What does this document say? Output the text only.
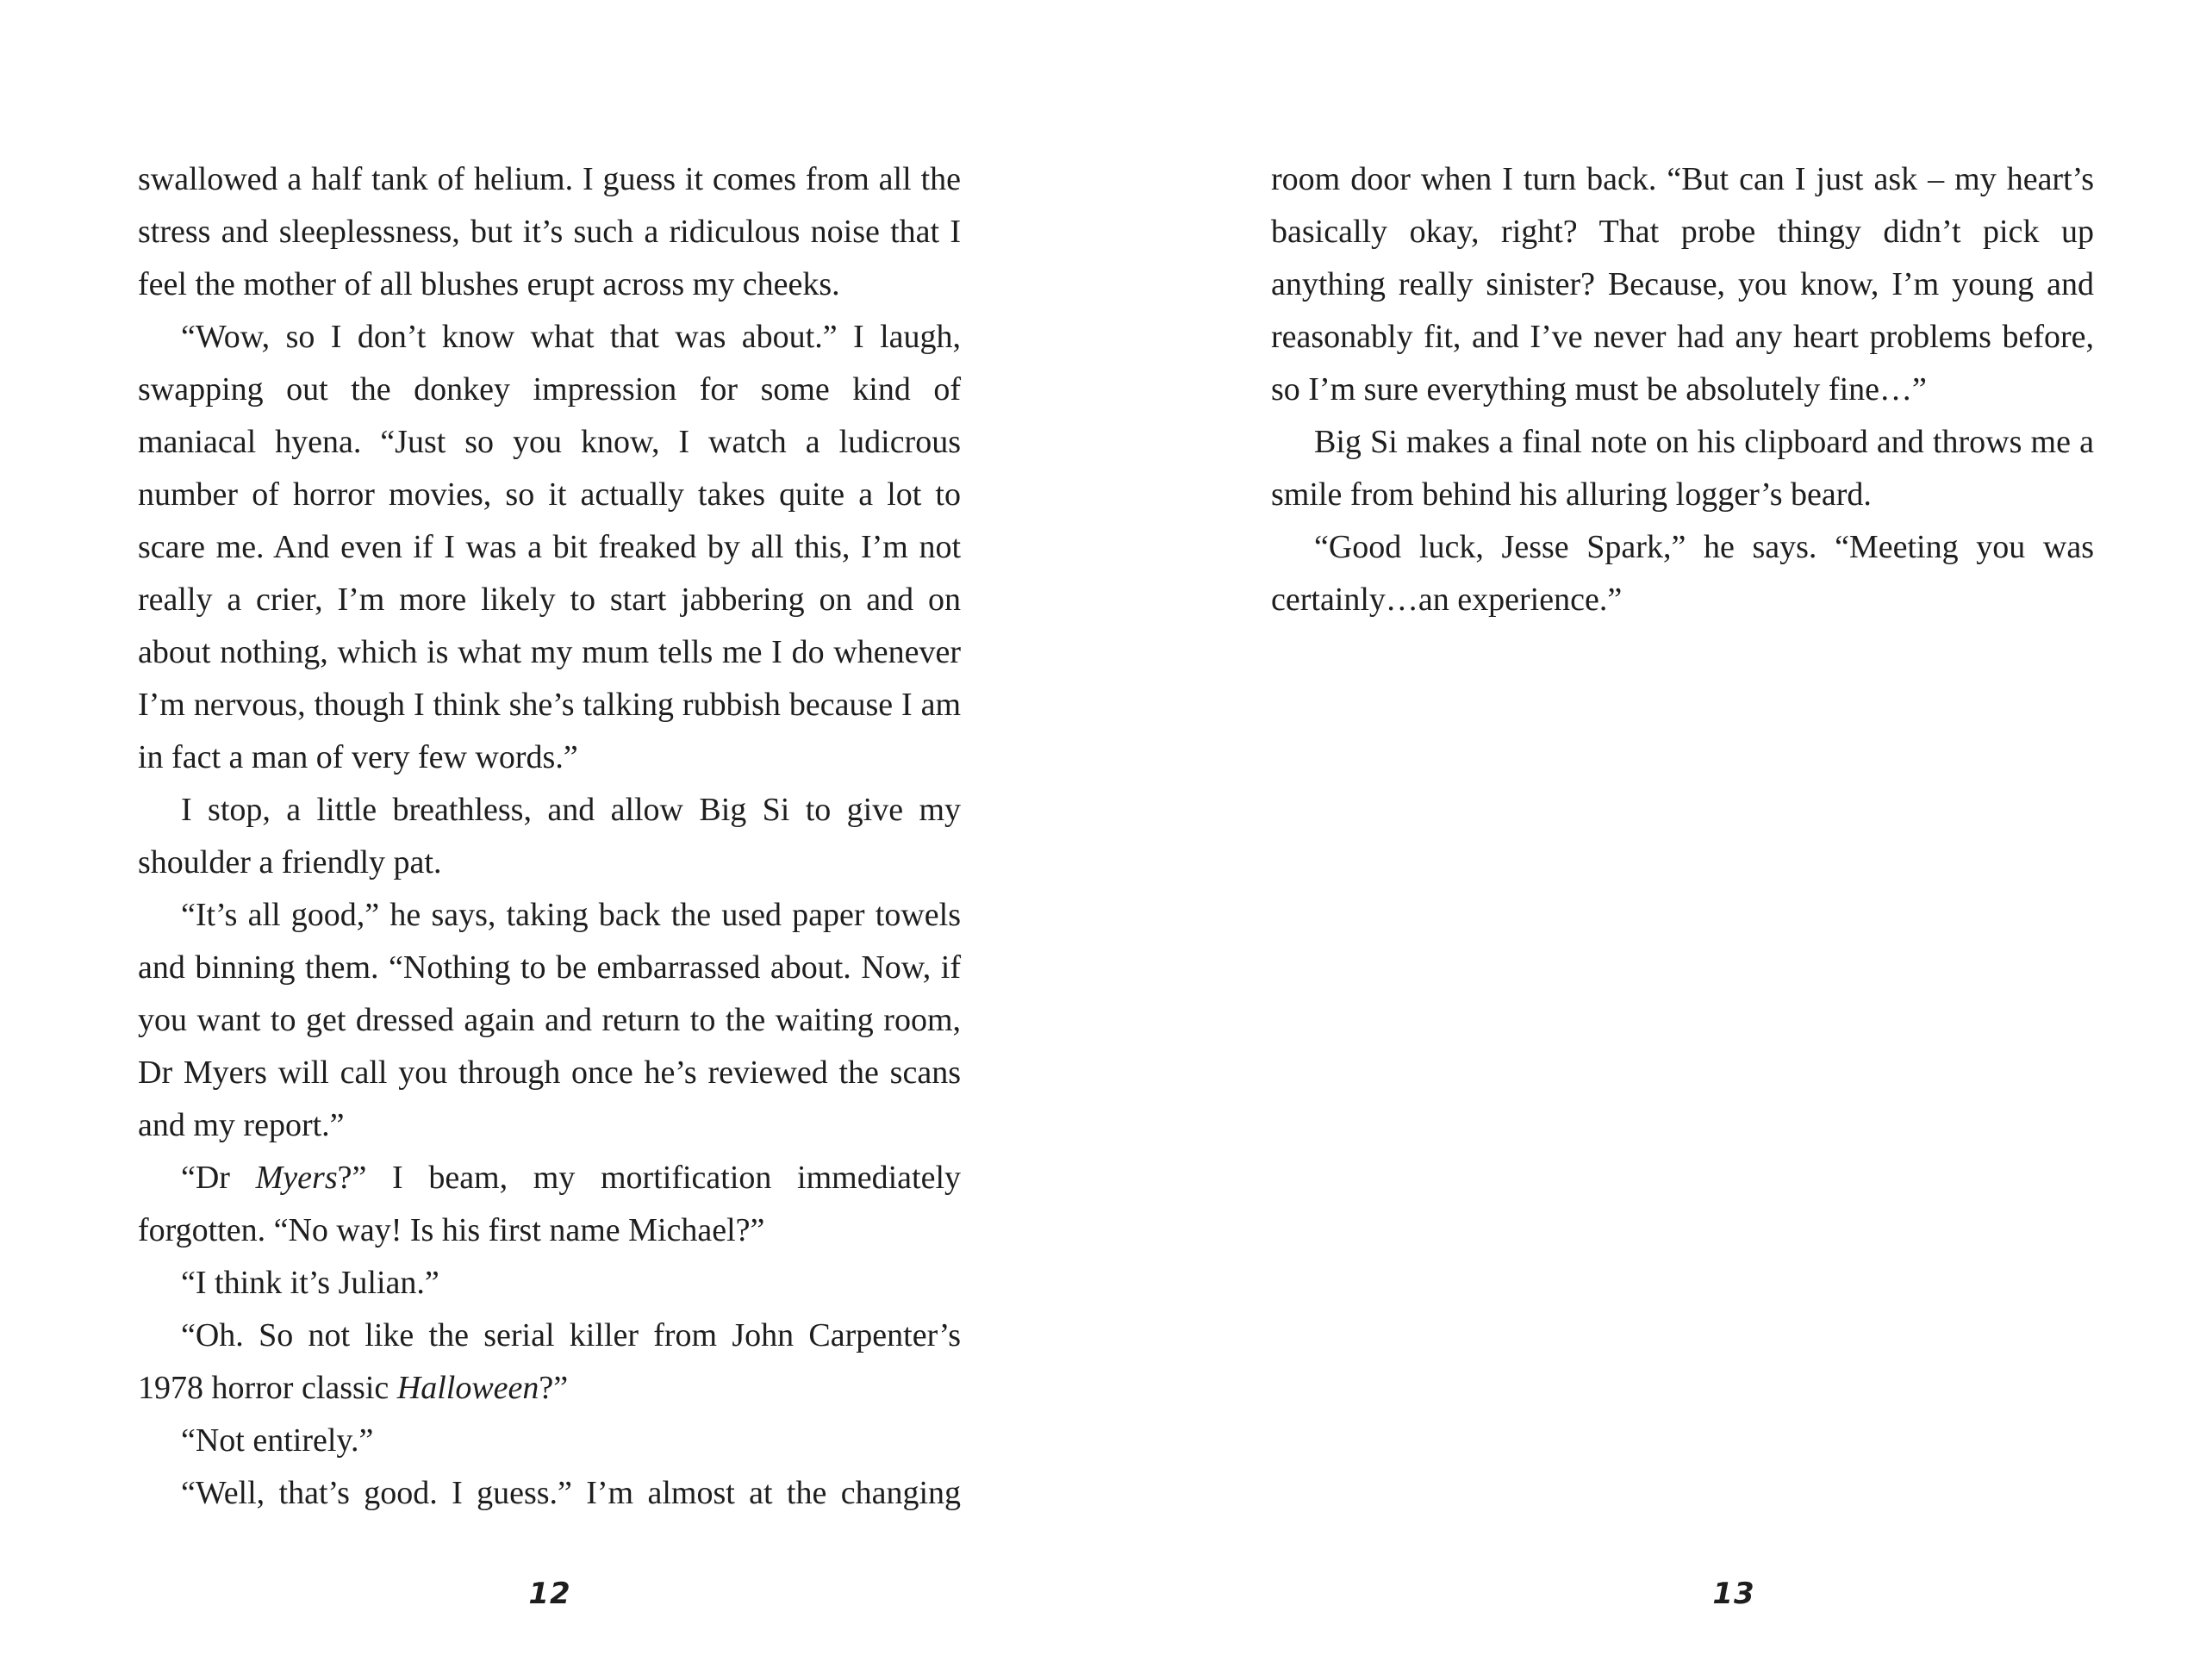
swallowed a half tank of helium. I guess it comes from all the stress and sleeplessness, but it’s such a ridiculous noise that I feel the mother of all blushes erupt across my cheeks.

“Wow, so I don’t know what that was about.” I laugh, swapping out the donkey impression for some kind of maniacal hyena. “Just so you know, I watch a ludicrous number of horror movies, so it actually takes quite a lot to scare me. And even if I was a bit freaked by all this, I’m not really a crier, I’m more likely to start jabbering on and on about nothing, which is what my mum tells me I do whenever I’m nervous, though I think she’s talking rubbish because I am in fact a man of very few words.”

I stop, a little breathless, and allow Big Si to give my shoulder a friendly pat.

“It’s all good,” he says, taking back the used paper towels and binning them. “Nothing to be embarrassed about. Now, if you want to get dressed again and return to the waiting room, Dr Myers will call you through once he’s reviewed the scans and my report.”

“Dr Myers?” I beam, my mortification immediately forgotten. “No way! Is his first name Michael?”

“I think it’s Julian.”

“Oh. So not like the serial killer from John Carpenter’s 1978 horror classic Halloween?”

“Not entirely.”

“Well, that’s good. I guess.” I’m almost at the changing

12

room door when I turn back. “But can I just ask – my heart’s basically okay, right? That probe thingy didn’t pick up anything really sinister? Because, you know, I’m young and reasonably fit, and I’ve never had any heart problems before, so I’m sure everything must be absolutely fine…”

Big Si makes a final note on his clipboard and throws me a smile from behind his alluring logger’s beard.

“Good luck, Jesse Spark,” he says. “Meeting you was certainly…an experience.”

13
